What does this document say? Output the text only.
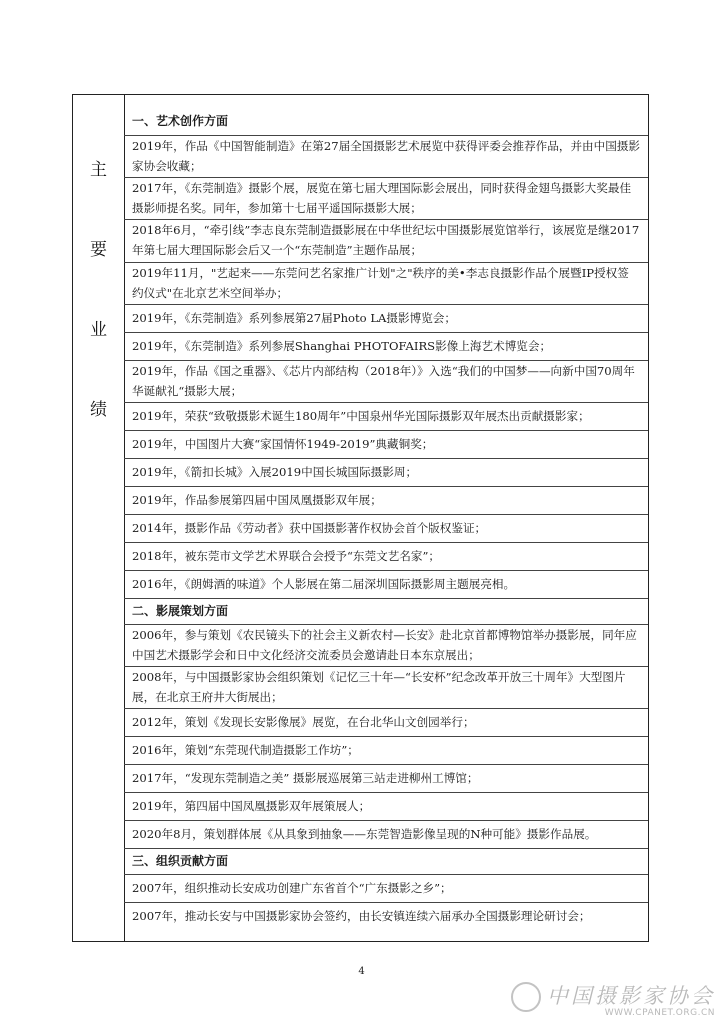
主
要
业
绩
一、艺术创作方面
2019年，作品《中国智能制造》在第27届全国摄影艺术展览中获得评委会推荐作品，并由中国摄影家协会收藏；
2017年，《东莞制造》摄影个展，展览在第七届大理国际影会展出，同时获得金翅鸟摄影大奖最佳摄影师提名奖。同年，参加第十七届平遥国际摄影大展；
2018年6月，“牵引线”李志良东莞制造摄影展在中华世纪坛中国摄影展览馆举行，该展览是继2017年第七届大理国际影会后又一个“东莞制造”主题作品展；
2019年11月，"艺起来——东莞问艺名家推广计划"之"秩序的美•李志良摄影作品个展暨IP授权签约仪式"在北京艺米空间举办；
2019年，《东莞制造》系列参展第27届Photo LA摄影博览会；
2019年，《东莞制造》系列参展Shanghai PHOTOFAIRS影像上海艺术博览会；
2019年，作品《国之重器》、《芯片内部结构（2018年）》入选“我们的中国梦——向新中国70周年华诞献礼“摄影大展；
2019年，荣获“致敬摄影术诞生180周年”中国泉州华光国际摄影双年展杰出贡献摄影家；
2019年，中国图片大赛“家国情怀1949-2019”典藏铜奖；
2019年，《箭扣长城》入展2019中国长城国际摄影周；
2019年，作品参展第四届中国凤凰摄影双年展；
2014年，摄影作品《劳动者》获中国摄影著作权协会首个版权鉴证；
2018年，被东莞市文学艺术界联合会授予“东莞文艺名家”；
2016年，《朗姆酒的味道》个人影展在第二届深圳国际摄影周主题展亮相。
二、影展策划方面
2006年，参与策划《农民镜头下的社会主义新农村—长安》赴北京首都博物馆举办摄影展，同年应中国艺术摄影学会和日中文化经济交流委员会邀请赴日本东京展出；
2008年，与中国摄影家协会组织策划《记忆三十年—“长安杯”纪念改革开放三十周年》大型图片展，在北京王府井大街展出；
2012年，策划《发现长安影像展》展览，在台北华山文创园举行；
2016年，策划“东莞现代制造摄影工作坊”；
2017年，“发现东莞制造之美” 摄影展巡展第三站走进柳州工博馆；
2019年，第四届中国凤凰摄影双年展策展人；
2020年8月，策划群体展《从具象到抽象——东莞智造影像呈现的N种可能》摄影作品展。
三、组织贡献方面
2007年，组织推动长安成功创建广东省首个“广东摄影之乡”；
2007年，推动长安与中国摄影家协会签约，由长安镇连续六届承办全国摄影理论研讨会；
4
中国摄影家协会
WWW.CPANET.ORG.CN
